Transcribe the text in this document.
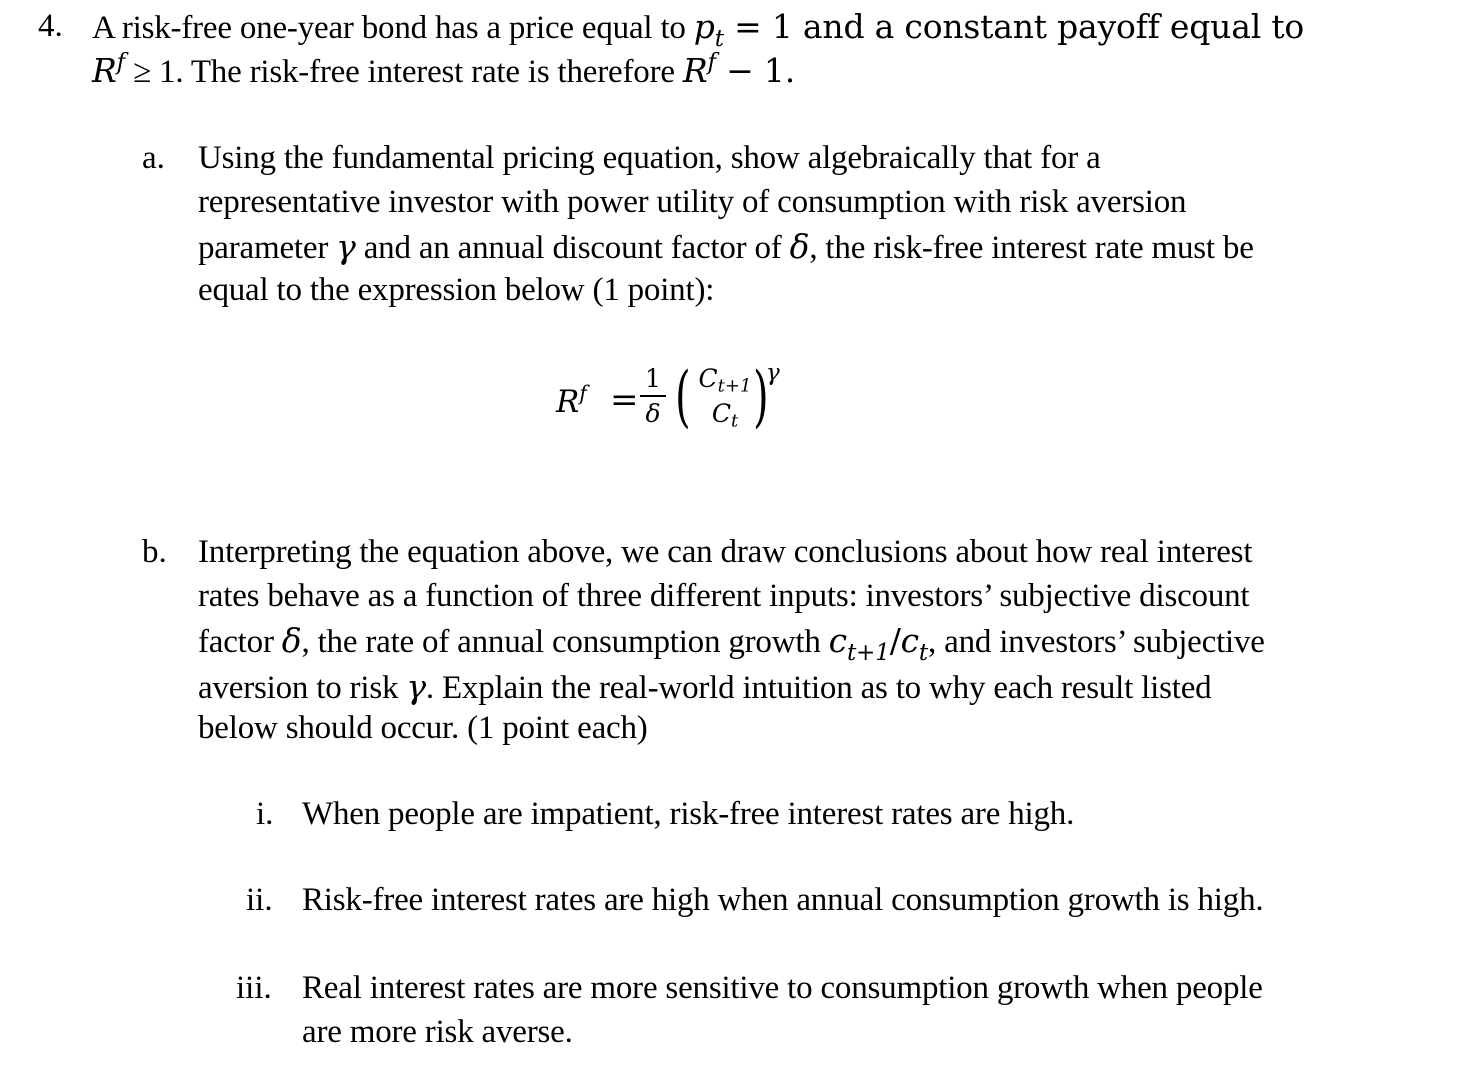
4. A risk-free one-year bond has a price equal to $p_t = 1$ and a constant payoff equal to
$R^f \ge 1$. The risk-free interest rate is therefore $R^f - 1$.
a. Using the fundamental pricing equation, show algebraically that for a
representative investor with power utility of consumption with risk aversion
parameter γ and an annual discount factor of δ, the risk-free interest rate must be
equal to the expression below (1 point):
$R^f$ =
1
δ ( $C_{t+1}$
$C_t$ )
γ
b. Interpreting the equation above, we can draw conclusions about how real interest
rates behave as a function of three different inputs: investors’ subjective discount
factor δ, the rate of annual consumption growth $c_{t+1}/c_t$, and investors’ subjective
aversion to risk γ. Explain the real-world intuition as to why each result listed
below should occur. (1 point each)
i. When people are impatient, risk-free interest rates are high.
ii. Risk-free interest rates are high when annual consumption growth is high.
iii. Real interest rates are more sensitive to consumption growth when people
are more risk averse.
